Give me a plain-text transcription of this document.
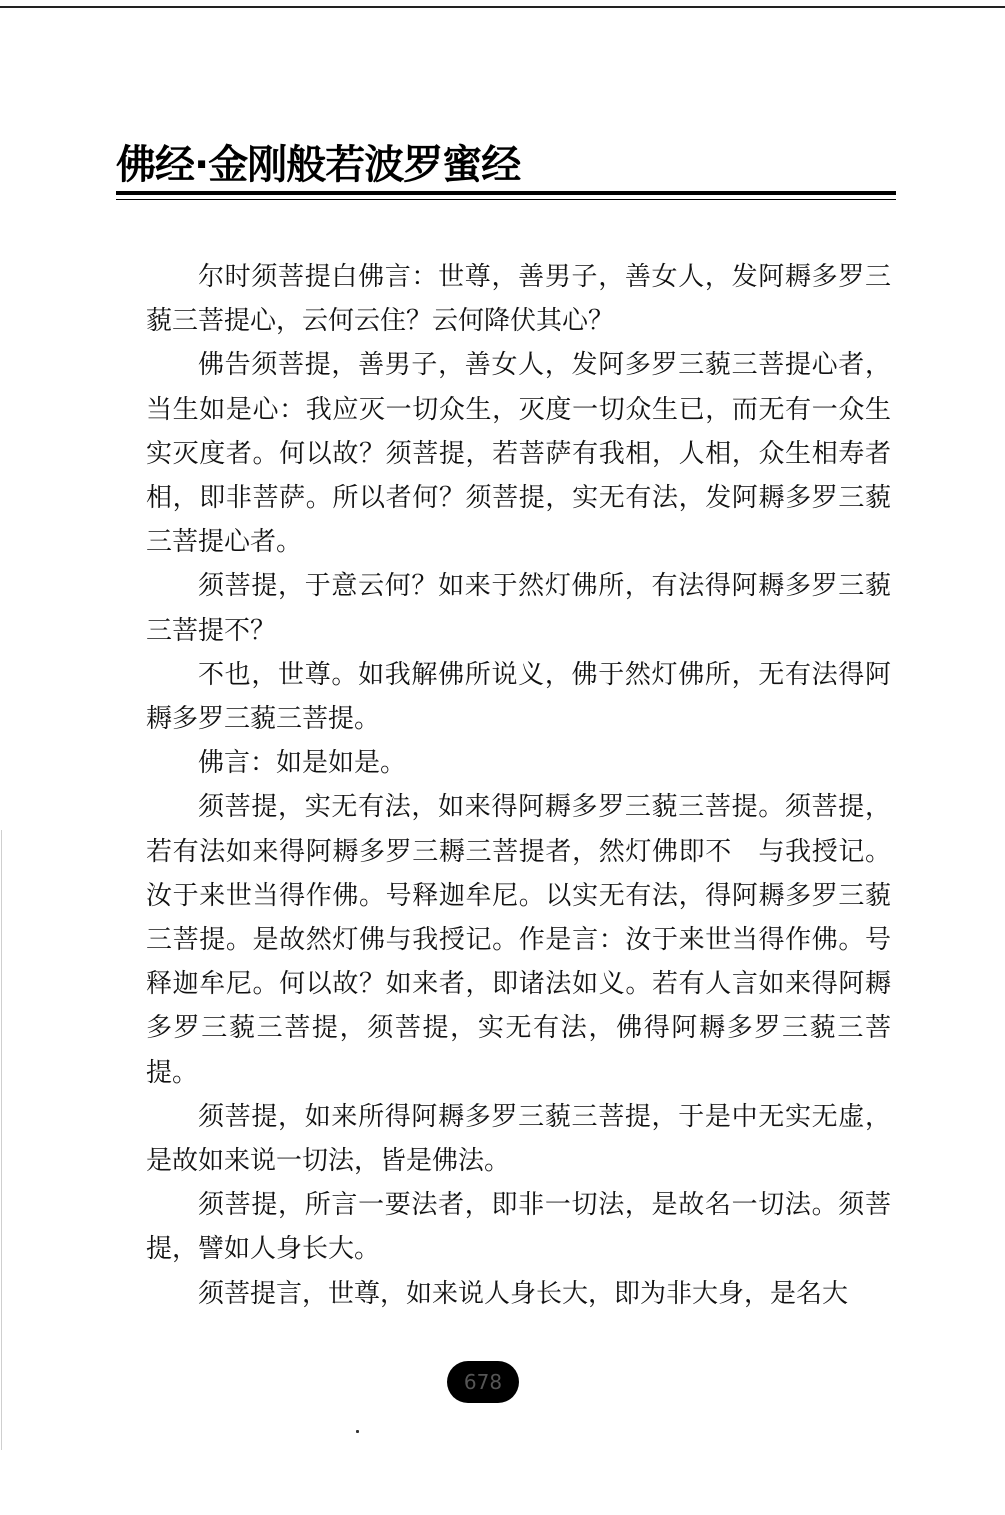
佛经·金刚般若波罗蜜经

尔时须菩提白佛言：世尊，善男子，善女人，发阿耨多罗三藐三菩提心，云何云住？云何降伏其心？

佛告须菩提，善男子，善女人，发阿多罗三藐三菩提心者，当生如是心：我应灭一切众生，灭度一切众生已，而无有一众生实灭度者。何以故？须菩提，若菩萨有我相，人相，众生相寿者相，即非菩萨。所以者何？须菩提，实无有法，发阿耨多罗三藐三菩提心者。

须菩提，于意云何？如来于然灯佛所，有法得阿耨多罗三藐三菩提不？

不也，世尊。如我解佛所说义，佛于然灯佛所，无有法得阿耨多罗三藐三菩提。

佛言：如是如是。

须菩提，实无有法，如来得阿耨多罗三藐三菩提。须菩提，若有法如来得阿耨多罗三耨三菩提者，然灯佛即不　与我授记。汝于来世当得作佛。号释迦牟尼。以实无有法，得阿耨多罗三藐三菩提。是故然灯佛与我授记。作是言：汝于来世当得作佛。号释迦牟尼。何以故？如来者，即诸法如义。若有人言如来得阿耨多罗三藐三菩提，须菩提，实无有法，佛得阿耨多罗三藐三菩提。

须菩提，如来所得阿耨多罗三藐三菩提，于是中无实无虚，是故如来说一切法，皆是佛法。

须菩提，所言一要法者，即非一切法，是故名一切法。须菩提，譬如人身长大。

须菩提言，世尊，如来说人身长大，即为非大身，是名大

678
